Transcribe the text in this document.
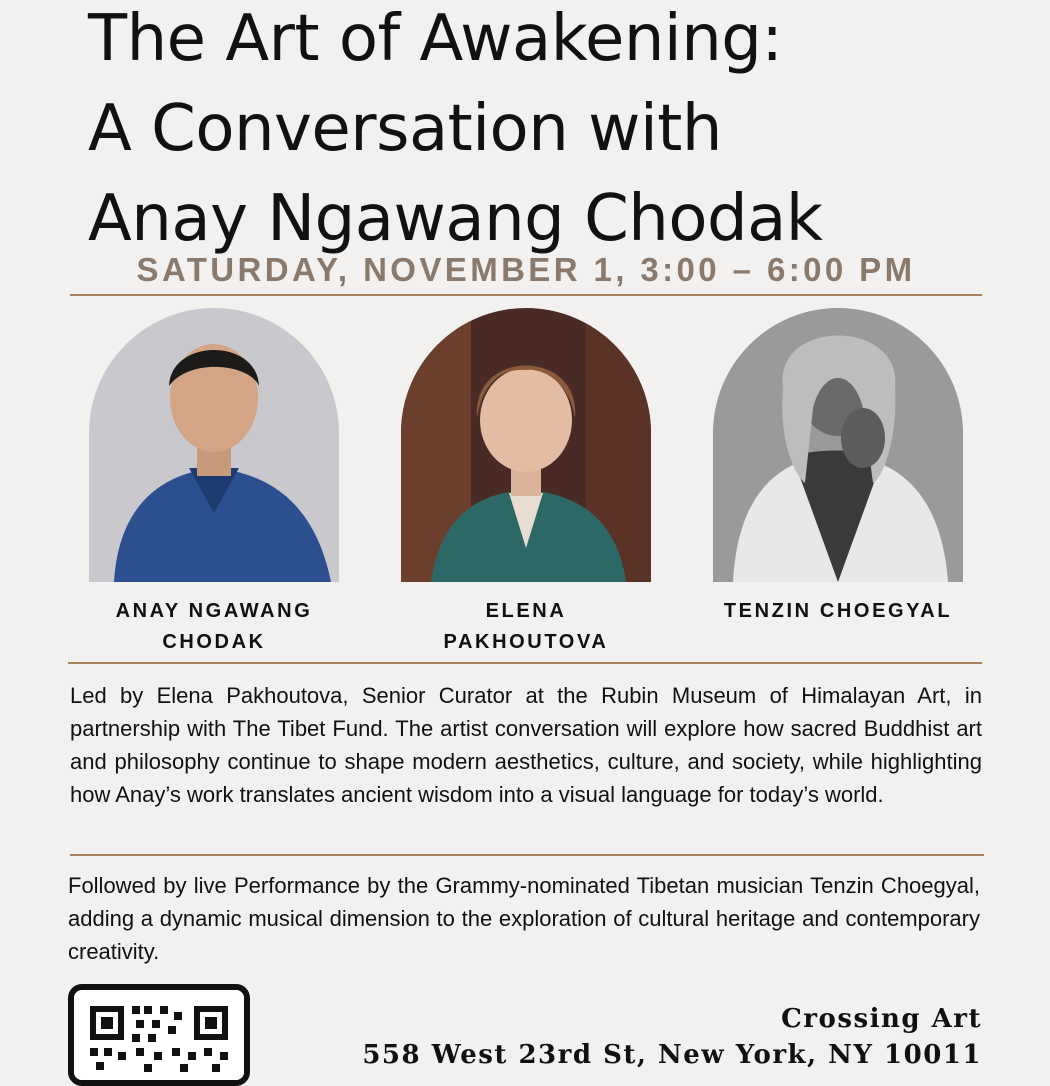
The Art of Awakening:
A Conversation with
Anay Ngawang Chodak
SATURDAY, NOVEMBER 1, 3:00 – 6:00 PM
ANAY NGAWANG
CHODAK
ELENA
PAKHOUTOVA
TENZIN CHOEGYAL

Led by Elena Pakhoutova, Senior Curator at the Rubin Museum of Himalayan Art, in partnership with The Tibet Fund. The artist conversation will explore how sacred Buddhist art and philosophy continue to shape modern aesthetics, culture, and society, while highlighting how Anay’s work translates ancient wisdom into a visual language for today’s world.

Followed by live Performance by the Grammy-nominated Tibetan musician Tenzin Choegyal, adding a dynamic musical dimension to the exploration of cultural heritage and contemporary creativity.

Crossing Art
558 West 23rd St, New York, NY 10011
